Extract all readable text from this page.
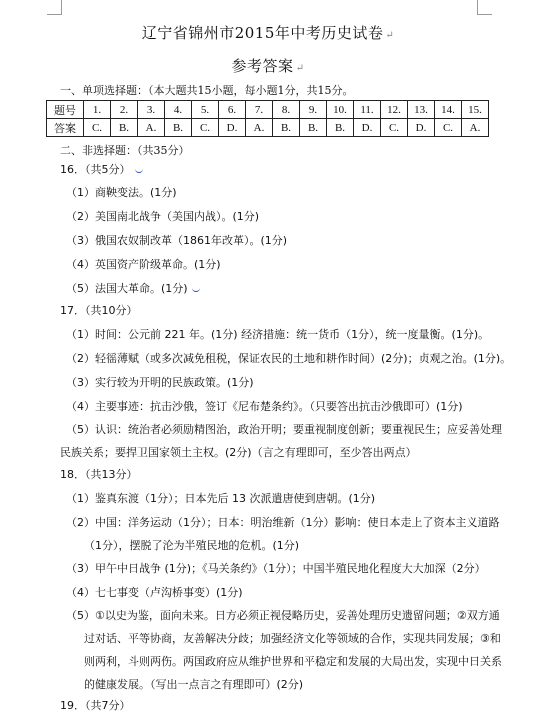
辽宁省锦州市2015年中考历史试卷 ↵
参考答案 ↵
一、单项选择题：（本大题共15小题，每小题1分，共15分。
题号	1.	2.	3.	4.	5.	6.	7.	8.	9.	10.	11.	12.	13.	14.	15.
答案	C.	B.	A.	B.	C.	D.	A.	B.	B.	B.	D.	C.	D.	C.	A.
二、非选择题：（共35分）
16．（共5分）
（1）商鞅变法。(1分)
（2）美国南北战争（美国内战）。(1分)
（3）俄国农奴制改革（1861年改革）。(1分)
（4）英国资产阶级革命。(1分)
（5）法国大革命。(1分)
17．（共10分）
（1）时间：公元前 221 年。(1分) 经济措施：统一货币（1分），统一度量衡。(1分)。
（2）轻徭薄赋（或多次减免租税，保证农民的土地和耕作时间）(2分)；贞观之治。(1分)。
（3）实行较为开明的民族政策。(1分)
（4）主要事迹：抗击沙俄，签订《尼布楚条约》。（只要答出抗击沙俄即可）(1分)
（5）认识：统治者必须励精图治，政治开明；要重视制度创新；要重视民生；应妥善处理
民族关系；要捍卫国家领土主权。(2分)（言之有理即可，至少答出两点）
18．（共13分）
（1）鉴真东渡（1分）；日本先后 13 次派遣唐使到唐朝。(1分)
（2）中国：洋务运动（1分）；日本：明治维新（1分）影响：使日本走上了资本主义道路
（1分），摆脱了沦为半殖民地的危机。(1分)
（3）甲午中日战争 (1分)；《马关条约》（1分）；中国半殖民地化程度大大加深（2分）
（4）七七事变（卢沟桥事变）(1分)
（5）①以史为鉴，面向未来。日方必须正视侵略历史，妥善处理历史遗留问题；②双方通
过对话、平等协商，友善解决分歧；加强经济文化等领域的合作，实现共同发展；③和
则两利，斗则两伤。两国政府应从维护世界和平稳定和发展的大局出发，实现中日关系
的健康发展。（写出一点言之有理即可）(2分)
19．（共7分）
